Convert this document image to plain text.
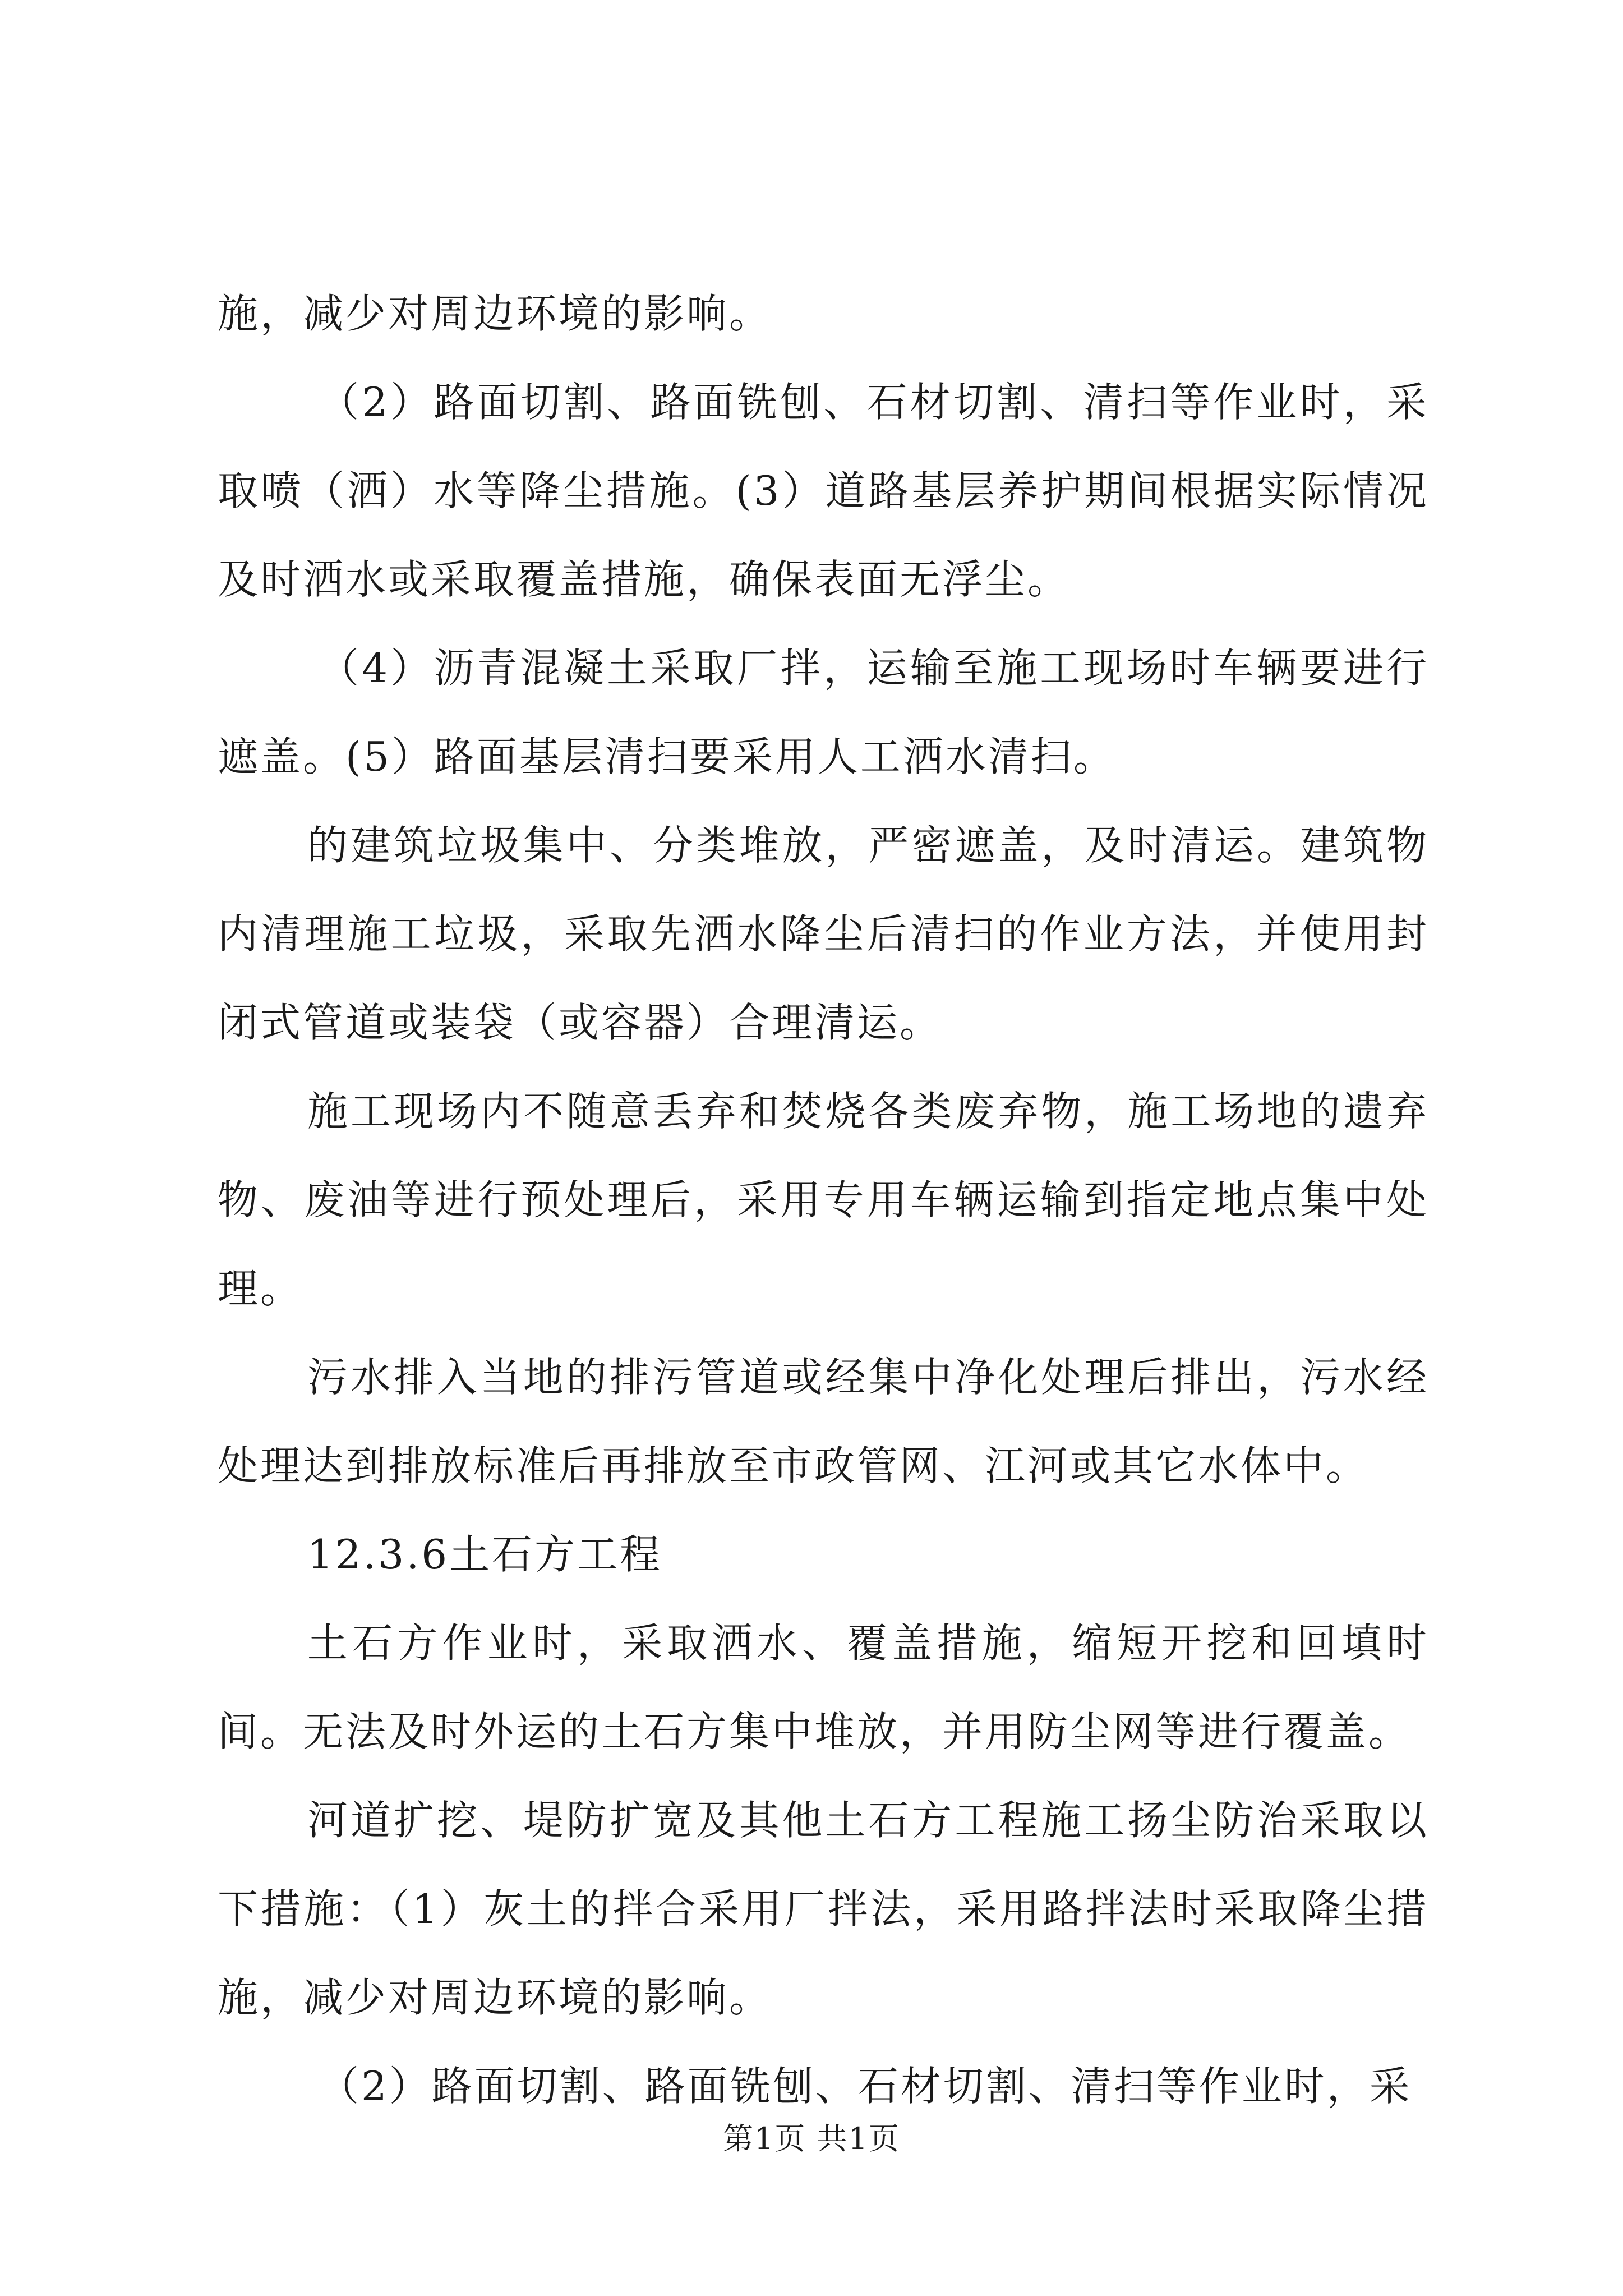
施，减少对周边环境的影响。

（2）路面切割、路面铣刨、石材切割、清扫等作业时，采取喷（洒）水等降尘措施。(3）道路基层养护期间根据实际情况及时洒水或采取覆盖措施，确保表面无浮尘。

（4）沥青混凝土采取厂拌，运输至施工现场时车辆要进行遮盖。(5）路面基层清扫要采用人工洒水清扫。

的建筑垃圾集中、分类堆放，严密遮盖，及时清运。建筑物内清理施工垃圾，采取先洒水降尘后清扫的作业方法，并使用封闭式管道或装袋（或容器）合理清运。

施工现场内不随意丢弃和焚烧各类废弃物，施工场地的遗弃物、废油等进行预处理后，采用专用车辆运输到指定地点集中处理。

污水排入当地的排污管道或经集中净化处理后排出，污水经处理达到排放标准后再排放至市政管网、江河或其它水体中。

12.3.6土石方工程

土石方作业时，采取洒水、覆盖措施，缩短开挖和回填时间。无法及时外运的土石方集中堆放，并用防尘网等进行覆盖。

河道扩挖、堤防扩宽及其他土石方工程施工扬尘防治采取以下措施：（1）灰土的拌合采用厂拌法，采用路拌法时采取降尘措施，减少对周边环境的影响。

（2）路面切割、路面铣刨、石材切割、清扫等作业时，采

第1页 共1页
